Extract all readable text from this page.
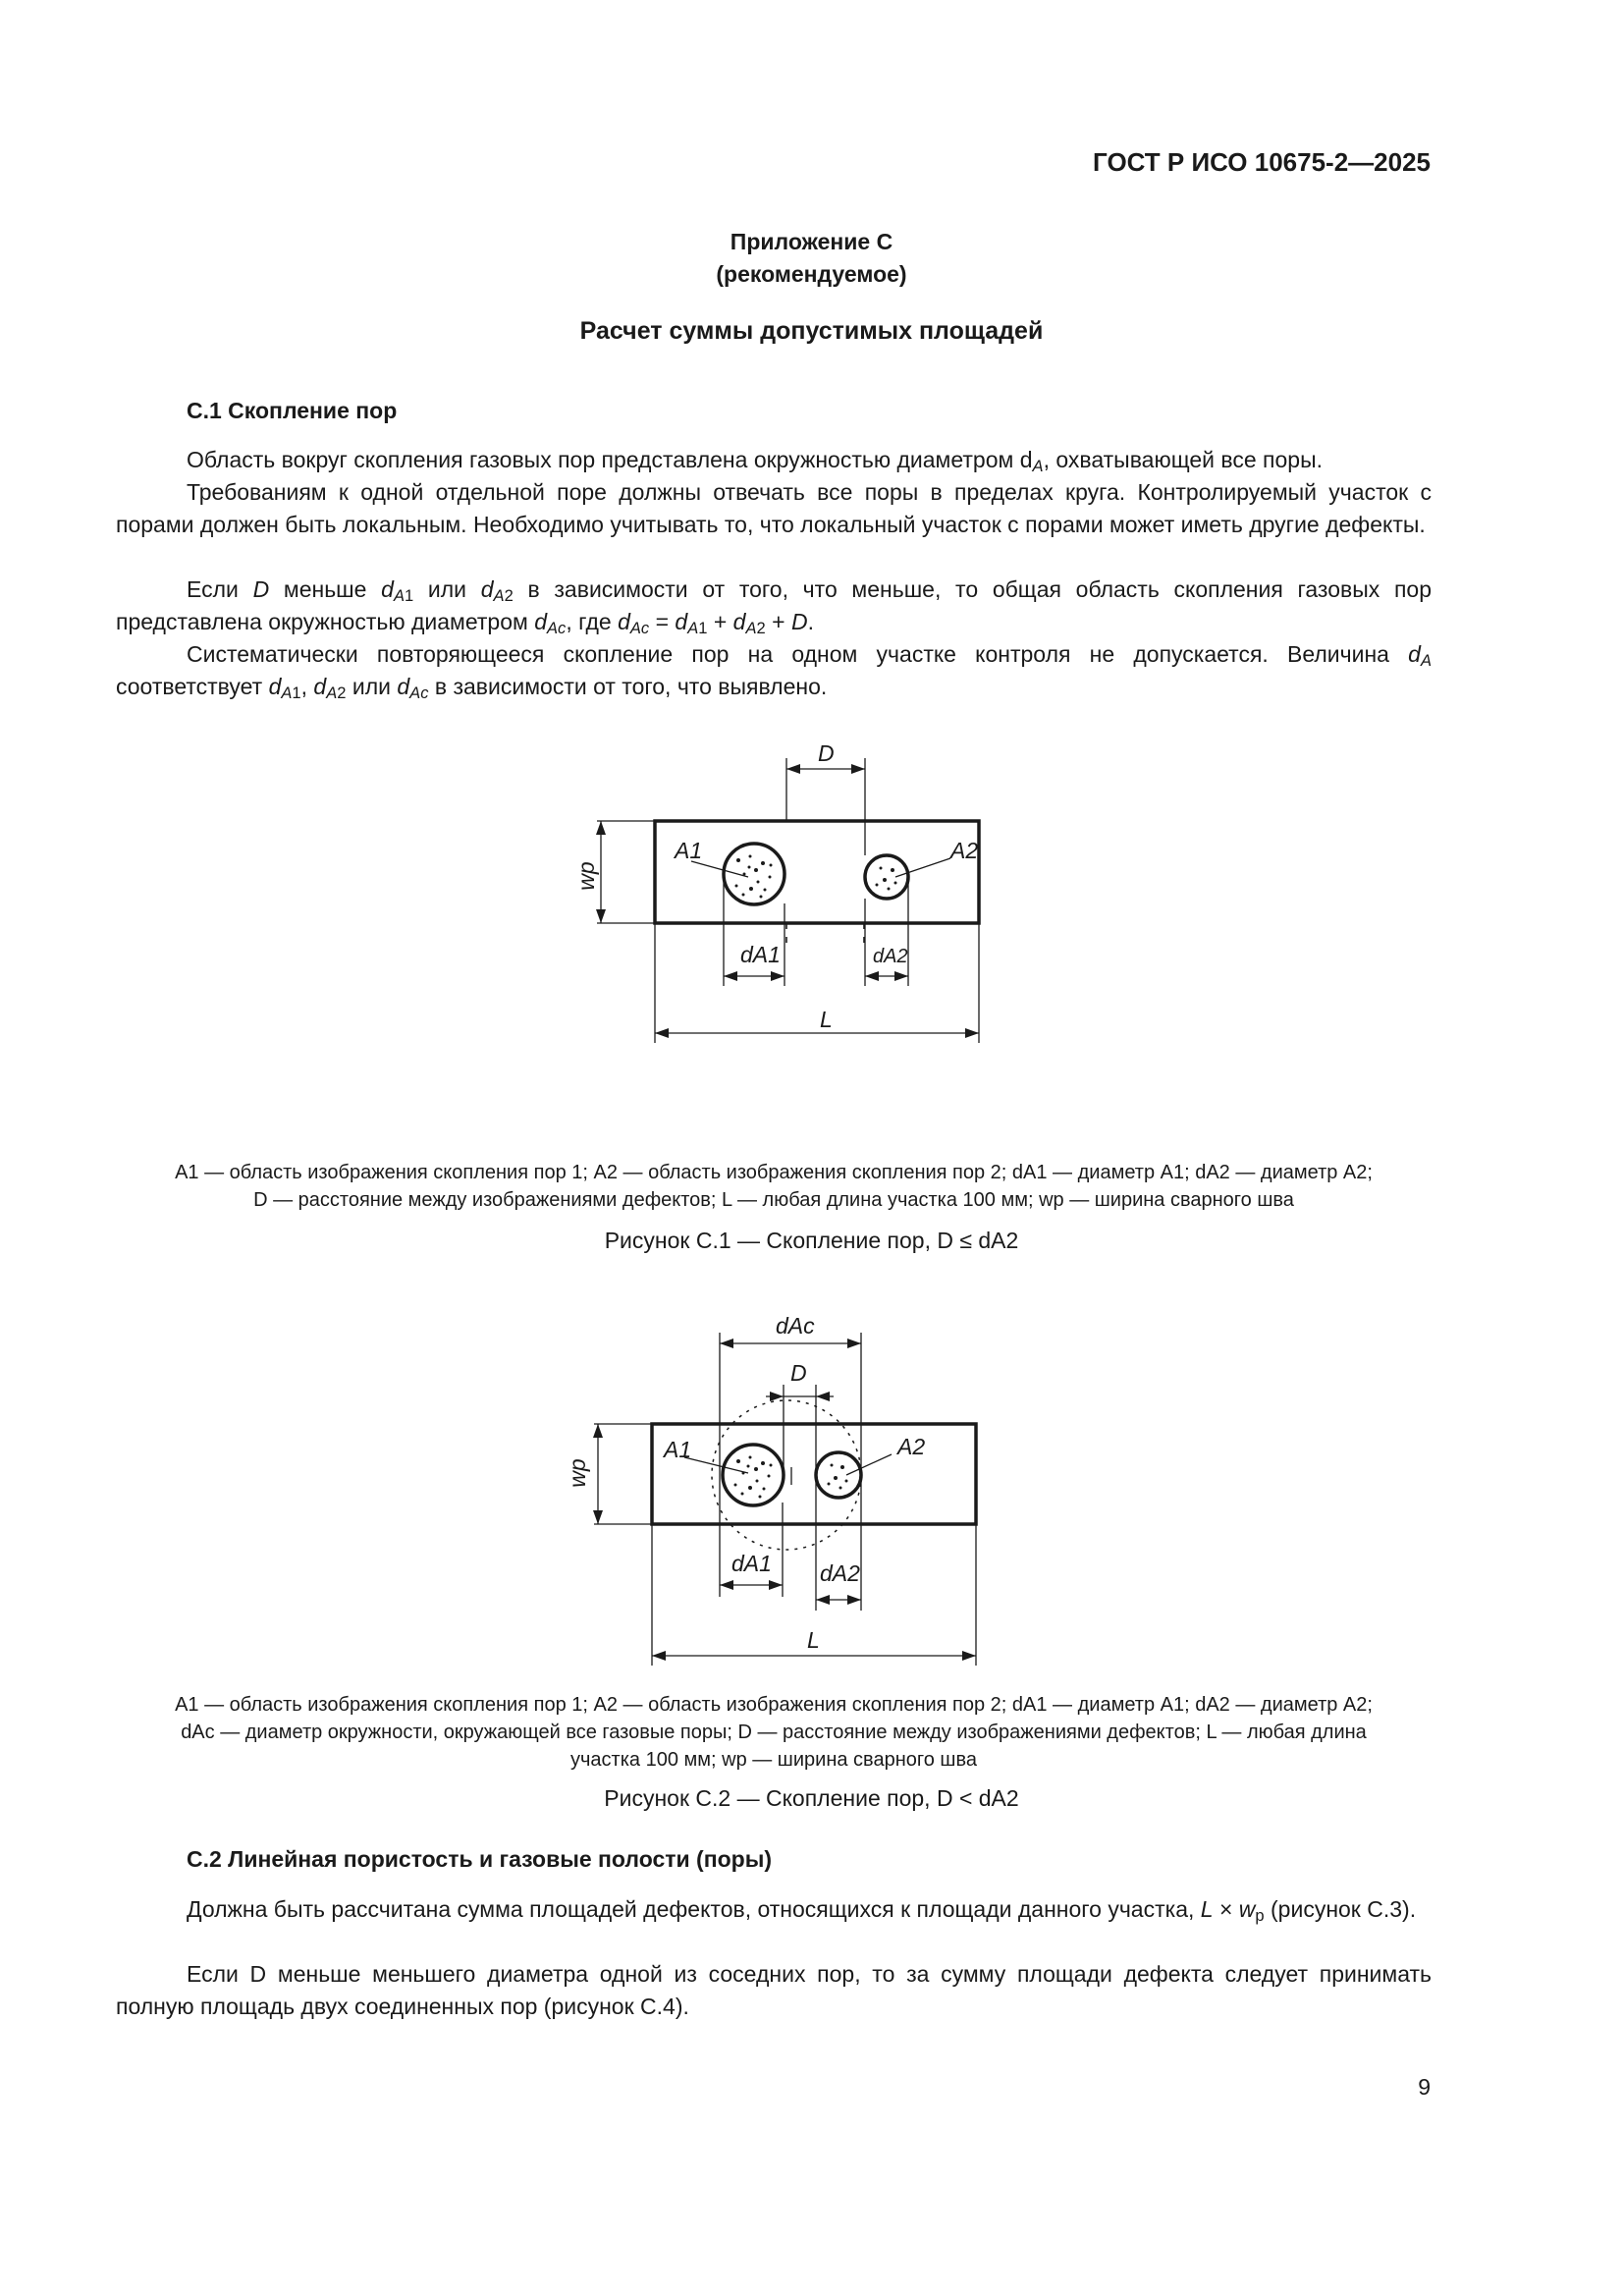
ГОСТ Р ИСО 10675-2—2025
Приложение С
(рекомендуемое)
Расчет суммы допустимых площадей
С.1 Скопление пор
Область вокруг скопления газовых пор представлена окружностью диаметром $d_A$, охватывающей все поры.
Требованиям к одной отдельной поре должны отвечать все поры в пределах круга. Контролируемый участок с порами должен быть локальным. Необходимо учитывать то, что локальный участок с порами может иметь другие дефекты.
Если D меньше $d_{A1}$ или $d_{A2}$ в зависимости от того, что меньше, то общая область скопления газовых пор представлена окружностью диаметром $d_{Ac}$, где $d_{Ac} = d_{A1} + d_{A2} + D$.
Систематически повторяющееся скопление пор на одном участке контроля не допускается. Величина $d_A$ соответствует $d_{A1}$, $d_{A2}$ или $d_{Ac}$ в зависимости от того, что выявлено.
D
wp
A1	A2
dA1	dA2
L
A1 — область изображения скопления пор 1; A2 — область изображения скопления пор 2; dA1 — диаметр A1; dA2 — диаметр A2;
D — расстояние между изображениями дефектов; L — любая длина участка 100 мм; wp — ширина сварного шва
Рисунок С.1 — Скопление пор, D ≤ dA2
dAc
D
wp
A1	A2
dA1 dA2
L
A1 — область изображения скопления пор 1; A2 — область изображения скопления пор 2; dA1 — диаметр A1; dA2 — диаметр A2;
dAc — диаметр окружности, окружающей все газовые поры; D — расстояние между изображениями дефектов; L — любая длина
участка 100 мм; wp — ширина сварного шва
Рисунок С.2 — Скопление пор, D < dA2
С.2 Линейная пористость и газовые полости (поры)
Должна быть рассчитана сумма площадей дефектов, относящихся к площади данного участка, $L \times w_p$ (рисунок С.3).
Если D меньше меньшего диаметра одной из соседних пор, то за сумму площади дефекта следует принимать полную площадь двух соединенных пор (рисунок С.4).
9
